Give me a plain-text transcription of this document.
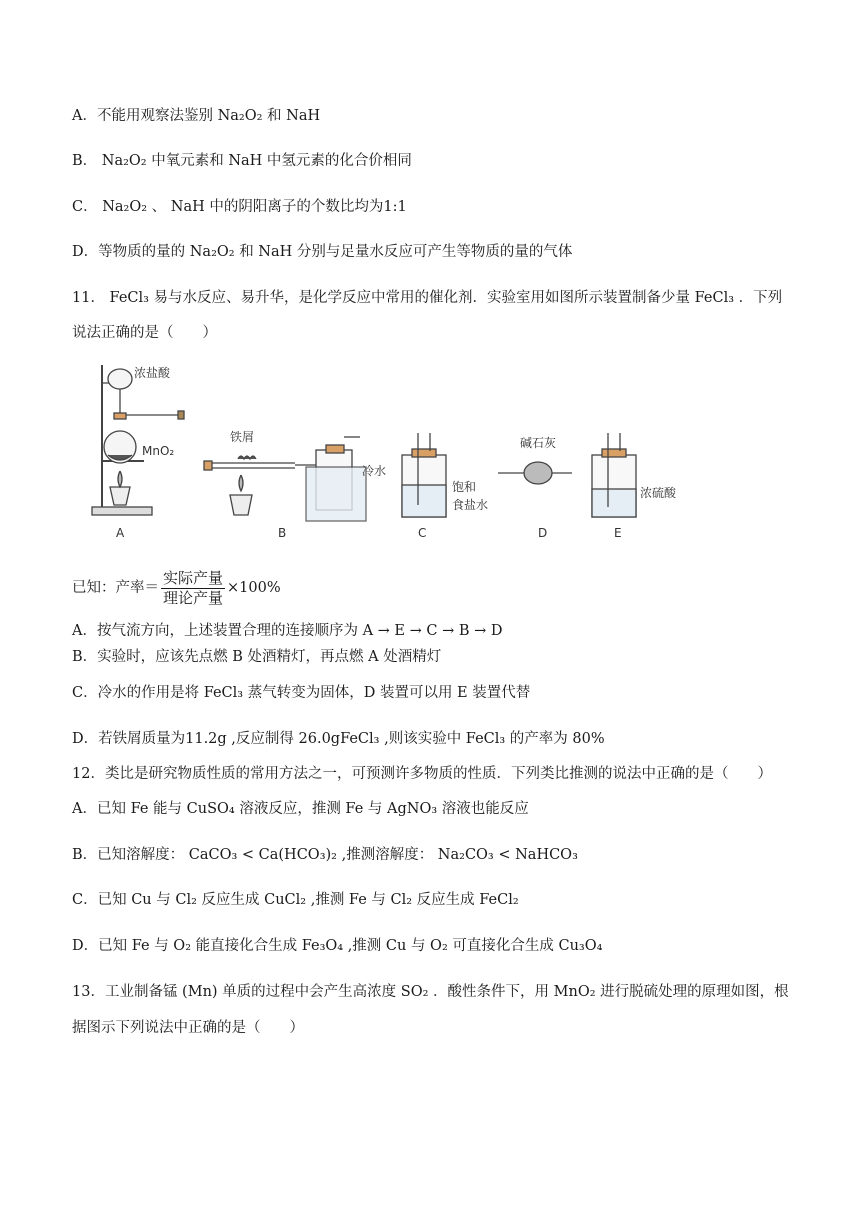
A．不能用观察法鉴别 Na₂O₂ 和 NaH
B． Na₂O₂ 中氧元素和 NaH 中氢元素的化合价相同
C． Na₂O₂ 、 NaH 中的阴阳离子的个数比均为1:1
D．等物质的量的 Na₂O₂ 和 NaH 分别与足量水反应可产生等物质的量的气体
11． FeCl₃ 易与水反应、易升华，是化学反应中常用的催化剂．实验室用如图所示装置制备少量 FeCl₃ ．下列
说法正确的是（　　）
浓盐酸
MnO₂
铁屑
冷水
饱和
食盐水
碱石灰
浓硫酸
A	B	C	D	E
已知：产率＝ $\frac{\text{实际产量}}{\text{理论产量}} \times 100\%$
A．按气流方向，上述装置合理的连接顺序为 A → E → C → B → D
B．实验时，应该先点燃 B 处酒精灯，再点燃 A 处酒精灯
C．冷水的作用是将 FeCl₃ 蒸气转变为固体，D 装置可以用 E 装置代替
D．若铁屑质量为11.2g ,反应制得 26.0gFeCl₃ ,则该实验中 FeCl₃ 的产率为 80%
12．类比是研究物质性质的常用方法之一，可预测许多物质的性质．下列类比推测的说法中正确的是（　　）
A．已知 Fe 能与 CuSO₄ 溶液反应，推测 Fe 与 AgNO₃ 溶液也能反应
B．已知溶解度： CaCO₃ < Ca(HCO₃)₂ ,推测溶解度： Na₂CO₃ < NaHCO₃
C．已知 Cu 与 Cl₂ 反应生成 CuCl₂ ,推测 Fe 与 Cl₂ 反应生成 FeCl₂
D．已知 Fe 与 O₂ 能直接化合生成 Fe₃O₄ ,推测 Cu 与 O₂ 可直接化合生成 Cu₃O₄
13．工业制备锰 (Mn) 单质的过程中会产生高浓度 SO₂ ．酸性条件下，用 MnO₂ 进行脱硫处理的原理如图，根
据图示下列说法中正确的是（　　）
